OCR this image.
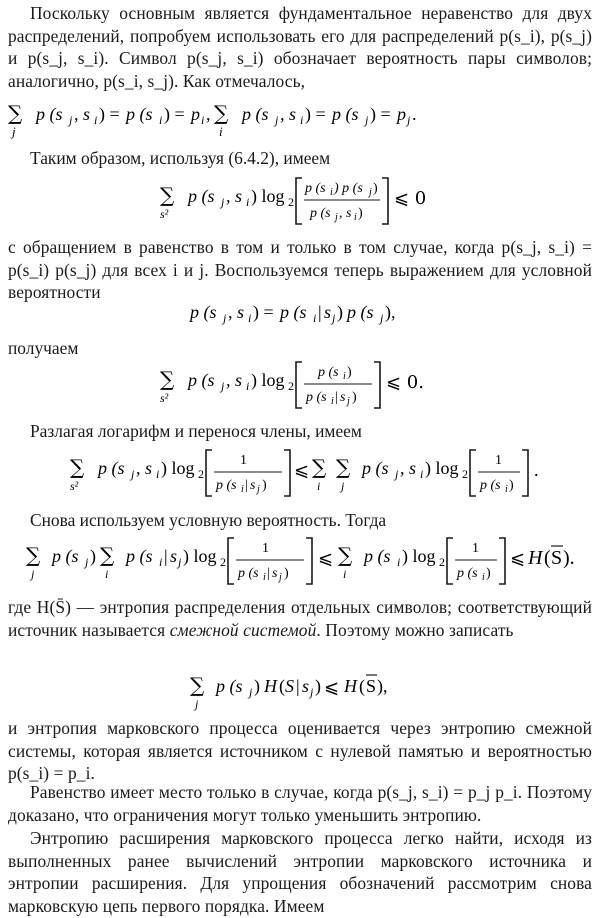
Поскольку основным является фундаментальное неравенство для двух распределений, попробуем использовать его для распределений p(s_i), p(s_j) и p(s_j, s_i). Символ p(s_j, s_i) обозначает вероятность пары символов; аналогично, p(s_i, s_j). Как отмечалось,
∑
j
p (s j , s i ) = p (s i ) = p i , ∑
i
p (s j , s i ) = p (s j ) = p j .
Таким образом, используя (6.4.2), имеем
∑
s²
p (s j , s i ) log 2
p (s i ) p (s j )
p (s j , s i )
⩽ 0
с обращением в равенство в том и только в том случае, когда p(s_j, s_i) = p(s_i) p(s_j) для всех i и j. Воспользуемся теперь выражением для условной вероятности
p (s j , s i ) = p (s i | s j ) p (s j ),
получаем
∑
s²
p (s j , s i ) log 2
p (s i )
p (s i | s j )
⩽ 0.
Разлагая логарифм и перенося члены, имеем
∑
s²
p (s j , s i ) log 2
1
p (s i | s j )
⩽ ∑
i
∑
j
p (s j , s i ) log 2
1
p (s i )
.
Снова используем условную вероятность. Тогда
∑
j
p (s j ) ∑
i
p (s i | s j ) log 2
1
p (s i | s j )
⩽ ∑
i
p (s i ) log 2
1
p (s i )
⩽ H ( S ).
где H(S̄) — энтропия распределения отдельных символов; соответствующий источник называется смежной системой. Поэтому можно записать
∑
j
p (s j ) H ( S | s j ) ⩽ H ( S ),
и энтропия марковского процесса оценивается через энтропию смежной системы, которая является источником с нулевой памятью и вероятностью p(s_i) = p_i.
Равенство имеет место только в случае, когда p(s_j, s_i) = p_j p_i. Поэтому доказано, что ограничения могут только уменьшить энтропию.
Энтропию расширения марковского процесса легко найти, исходя из выполненных ранее вычислений энтропии марковского источника и энтропии расширения. Для упрощения обозначений рассмотрим снова марковскую цепь первого порядка. Имеем
